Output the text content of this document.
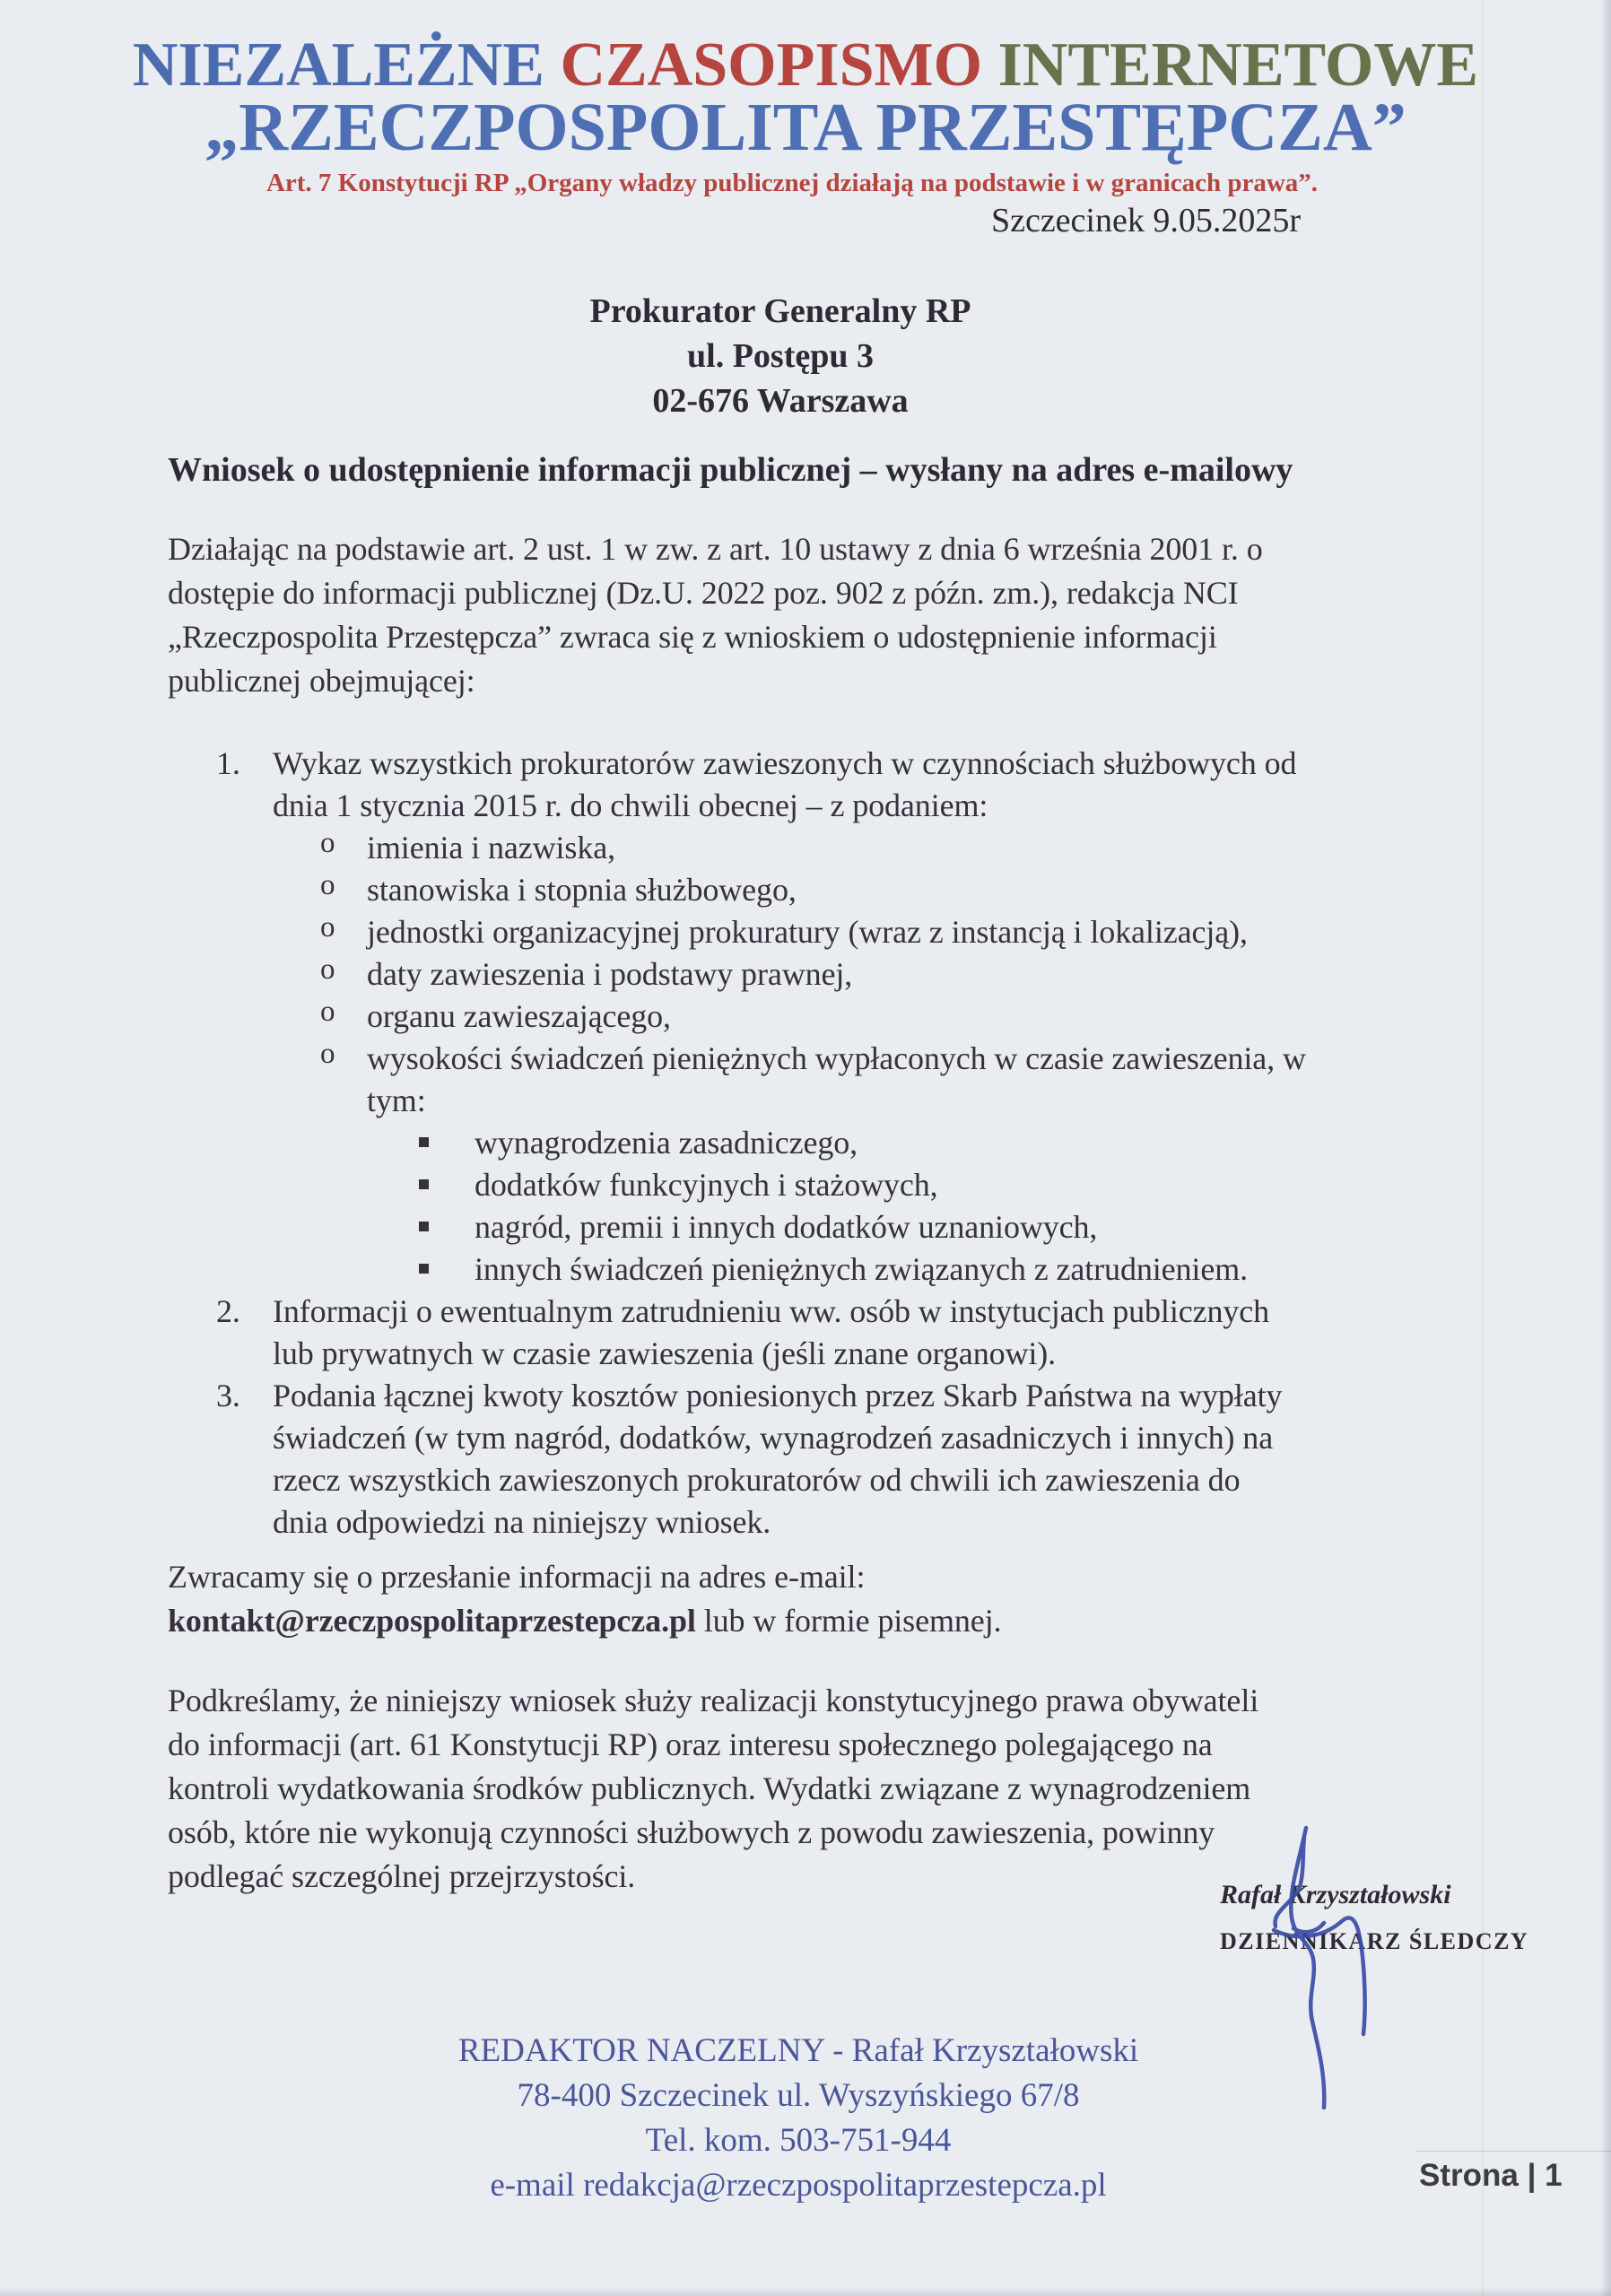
NIEZALEŻNE CZASOPISMO INTERNETOWE
„RZECZPOSPOLITA PRZESTĘPCZA”
Art. 7 Konstytucji RP „Organy władzy publicznej działają na podstawie i w granicach prawa”.
Szczecinek 9.05.2025r
Prokurator Generalny RP
ul. Postępu 3
02-676 Warszawa
Wniosek o udostępnienie informacji publicznej – wysłany na adres e-mailowy
Działając na podstawie art. 2 ust. 1 w zw. z art. 10 ustawy z dnia 6 września 2001 r. o
dostępie do informacji publicznej (Dz.U. 2022 poz. 902 z późn. zm.), redakcja NCI
„Rzeczpospolita Przestępcza” zwraca się z wnioskiem o udostępnienie informacji
publicznej obejmującej:
1.	Wykaz wszystkich prokuratorów zawieszonych w czynnościach służbowych od
dnia 1 stycznia 2015 r. do chwili obecnej – z podaniem:
o imienia i nazwiska,
o stanowiska i stopnia służbowego,
o jednostki organizacyjnej prokuratury (wraz z instancją i lokalizacją),
o daty zawieszenia i podstawy prawnej,
o organu zawieszającego,
o wysokości świadczeń pieniężnych wypłaconych w czasie zawieszenia, w
tym:
wynagrodzenia zasadniczego,
dodatków funkcyjnych i stażowych,
nagród, premii i innych dodatków uznaniowych,
innych świadczeń pieniężnych związanych z zatrudnieniem.
2.	Informacji o ewentualnym zatrudnieniu ww. osób w instytucjach publicznych
lub prywatnych w czasie zawieszenia (jeśli znane organowi).
3.	Podania łącznej kwoty kosztów poniesionych przez Skarb Państwa na wypłaty
świadczeń (w tym nagród, dodatków, wynagrodzeń zasadniczych i innych) na
rzecz wszystkich zawieszonych prokuratorów od chwili ich zawieszenia do
dnia odpowiedzi na niniejszy wniosek.
Zwracamy się o przesłanie informacji na adres e-mail:
kontakt@rzeczpospolitaprzestepcza.pl lub w formie pisemnej.
Podkreślamy, że niniejszy wniosek służy realizacji konstytucyjnego prawa obywateli
do informacji (art. 61 Konstytucji RP) oraz interesu społecznego polegającego na
kontroli wydatkowania środków publicznych. Wydatki związane z wynagrodzeniem
osób, które nie wykonują czynności służbowych z powodu zawieszenia, powinny
podlegać szczególnej przejrzystości.
Rafał Krzyształowski
DZIENNIKARZ ŚLEDCZY
REDAKTOR NACZELNY - Rafał Krzyształowski
78-400 Szczecinek ul. Wyszyńskiego 67/8
Tel. kom. 503-751-944
e-mail redakcja@rzeczpospolitaprzestepcza.pl	Strona | 1
